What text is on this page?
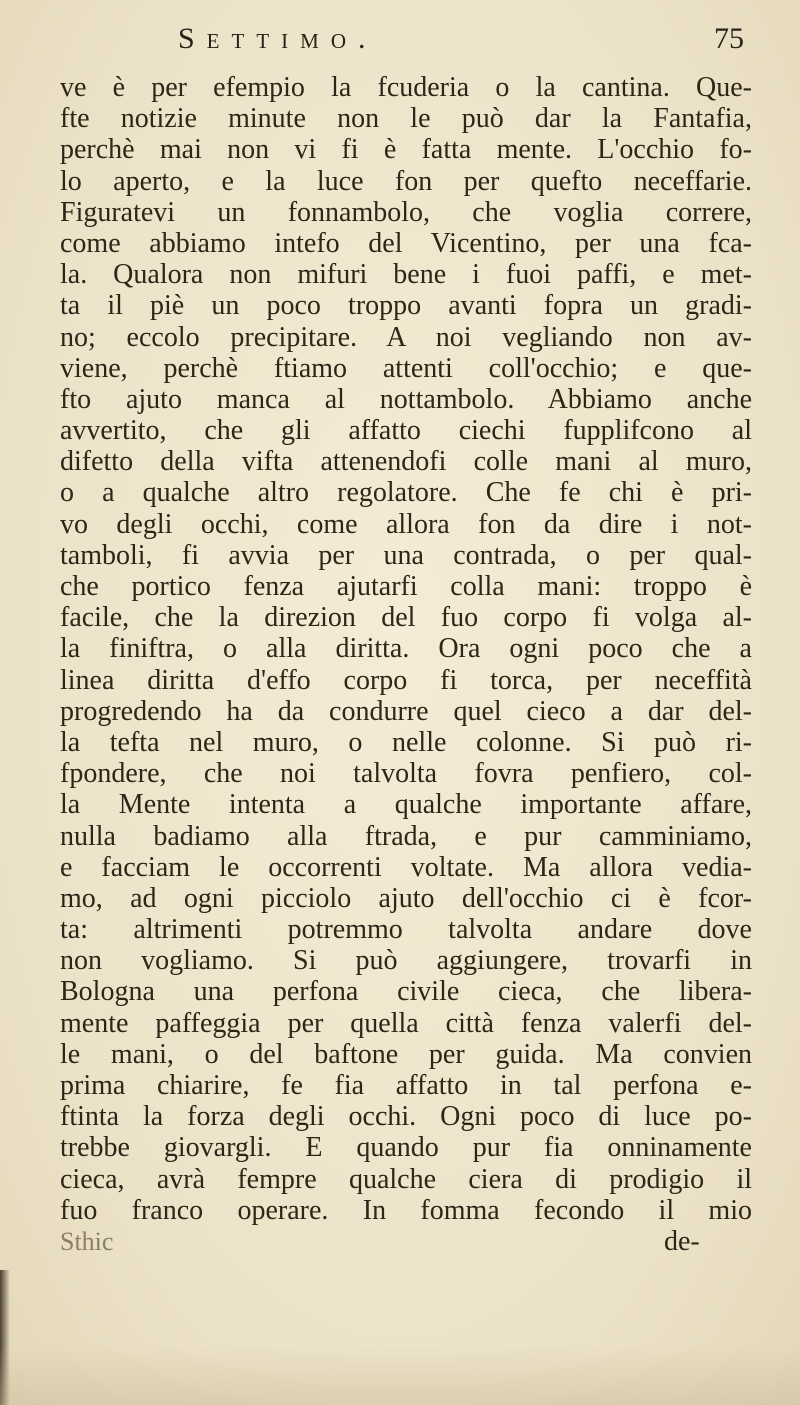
Settimo.	75
ve è per efempio la fcuderia o la cantina. Que-
fte notizie minute non le può dar la Fantafia,
perchè mai non vi fi è fatta mente. L'occhio fo-
lo aperto, e la luce fon per quefto neceffarie.
Figuratevi un fonnambolo, che voglia correre,
come abbiamo intefo del Vicentino, per una fca-
la. Qualora non mifuri bene i fuoi paffi, e met-
ta il piè un poco troppo avanti fopra un gradi-
no; eccolo precipitare. A noi vegliando non av-
viene, perchè ftiamo attenti coll'occhio; e que-
fto ajuto manca al nottambolo. Abbiamo anche
avvertito, che gli affatto ciechi fupplifcono al
difetto della vifta attenendofi colle mani al muro,
o a qualche altro regolatore. Che fe chi è pri-
vo degli occhi, come allora fon da dire i not-
tamboli, fi avvia per una contrada, o per qual-
che portico fenza ajutarfi colla mani: troppo è
facile, che la direzion del fuo corpo fi volga al-
la finiftra, o alla diritta. Ora ogni poco che a
linea diritta d'effo corpo fi torca, per neceffità
progredendo ha da condurre quel cieco a dar del-
la tefta nel muro, o nelle colonne. Si può ri-
fpondere, che noi talvolta fovra penfiero, col-
la Mente intenta a qualche importante affare,
nulla badiamo alla ftrada, e pur camminiamo,
e facciam le occorrenti voltate. Ma allora vedia-
mo, ad ogni picciolo ajuto dell'occhio ci è fcor-
ta: altrimenti potremmo talvolta andare dove
non vogliamo. Si può aggiungere, trovarfi in
Bologna una perfona civile cieca, che libera-
mente paffeggia per quella città fenza valerfi del-
le mani, o del baftone per guida. Ma convien
prima chiarire, fe fia affatto in tal perfona e-
ftinta la forza degli occhi. Ogni poco di luce po-
trebbe giovargli. E quando pur fia onninamente
cieca, avrà fempre qualche ciera di prodigio il
fuo franco operare. In fomma fecondo il mio
Sthic	de-
